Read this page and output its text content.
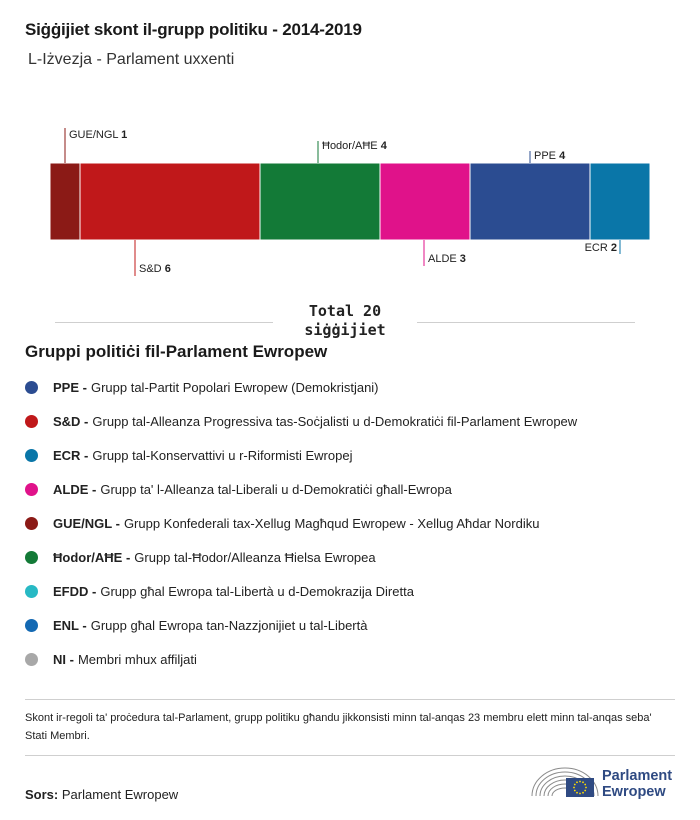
Siġġijiet skont il-grupp politiku - 2014-2019
L-Iżvezja - Parlament uxxenti
GUE/NGL 1
S&D 6
Ħodor/AĦE 4
ALDE 3
PPE 4
ECR 2
Total 20
siġġijiet
Gruppi politiċi fil-Parlament Ewropew
PPE - Grupp tal-Partit Popolari Ewropew (Demokristjani)
S&D - Grupp tal-Alleanza Progressiva tas-Soċjalisti u d-Demokratiċi fil-Parlament Ewropew
ECR - Grupp tal-Konservattivi u r-Riformisti Ewropej
ALDE - Grupp ta' l-Alleanza tal-Liberali u d-Demokratiċi għall-Ewropa
GUE/NGL - Grupp Konfederali tax-Xellug Magħqud Ewropew - Xellug Aħdar Nordiku
Ħodor/AĦE - Grupp tal-Ħodor/Alleanza Ħielsa Ewropea
EFDD - Grupp għal Ewropa tal-Libertà u d-Demokrazija Diretta
ENL - Grupp għal Ewropa tan-Nazzjonijiet u tal-Libertà
NI - Membri mhux affiljati
Skont ir-regoli ta' proċedura tal-Parlament, grupp politiku għandu jikkonsisti minn tal-anqas 23 membru elett minn tal-anqas seba' Stati Membri.
Sors: Parlament Ewropew
Parlament
Ewropew
